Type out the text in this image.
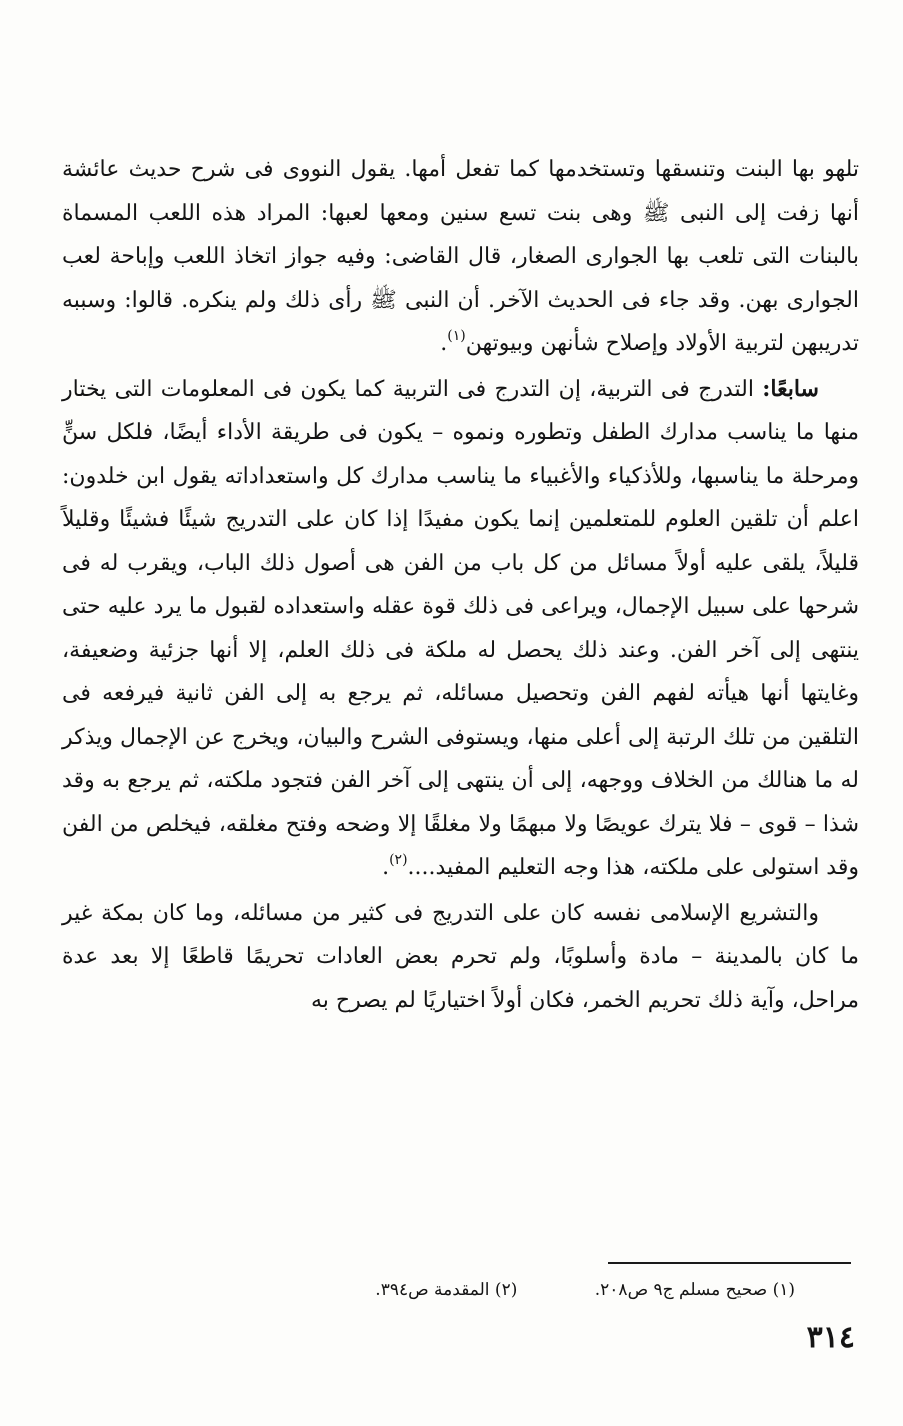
تلهو بها البنت وتنسقها وتستخدمها كما تفعل أمها. يقول النووى فى شرح حديث عائشة أنها زفت إلى النبى ﷺ وهى بنت تسع سنين ومعها لعبها: المراد هذه اللعب المسماة بالبنات التى تلعب بها الجوارى الصغار، قال القاضى: وفيه جواز اتخاذ اللعب وإباحة لعب الجوارى بهن. وقد جاء فى الحديث الآخر. أن النبى ﷺ رأى ذلك ولم ينكره. قالوا: وسببه تدريبهن لتربية الأولاد وإصلاح شأنهن وبيوتهن$^{(١)}$.

سابعًا: التدرج فى التربية، إن التدرج فى التربية كما يكون فى المعلومات التى يختار منها ما يناسب مدارك الطفل وتطوره ونموه – يكون فى طريقة الأداء أيضًا، فلكل سنٍّ ومرحلة ما يناسبها، وللأذكياء والأغبياء ما يناسب مدارك كل واستعداداته يقول ابن خلدون: اعلم أن تلقين العلوم للمتعلمين إنما يكون مفيدًا إذا كان على التدريج شيئًا فشيئًا وقليلاً قليلاً، يلقى عليه أولاً مسائل من كل باب من الفن هى أصول ذلك الباب، ويقرب له فى شرحها على سبيل الإجمال، ويراعى فى ذلك قوة عقله واستعداده لقبول ما يرد عليه حتى ينتهى إلى آخر الفن. وعند ذلك يحصل له ملكة فى ذلك العلم، إلا أنها جزئية وضعيفة، وغايتها أنها هيأته لفهم الفن وتحصيل مسائله، ثم يرجع به إلى الفن ثانية فيرفعه فى التلقين من تلك الرتبة إلى أعلى منها، ويستوفى الشرح والبيان، ويخرج عن الإجمال ويذكر له ما هنالك من الخلاف ووجهه، إلى أن ينتهى إلى آخر الفن فتجود ملكته، ثم يرجع به وقد شذا – قوى – فلا يترك عويصًا ولا مبهمًا ولا مغلقًا إلا وضحه وفتح مغلقه، فيخلص من الفن وقد استولى على ملكته، هذا وجه التعليم المفيد....$^{(٢)}$.

والتشريع الإسلامى نفسه كان على التدريج فى كثير من مسائله، وما كان بمكة غير ما كان بالمدينة – مادة وأسلوبًا، ولم تحرم بعض العادات تحريمًا قاطعًا إلا بعد عدة مراحل، وآية ذلك تحريم الخمر، فكان أولاً اختياريًا لم يصرح به

(١) صحيح مسلم ج٩ ص٢٠٨. (٢) المقدمة ص٣٩٤.
٣١٤
